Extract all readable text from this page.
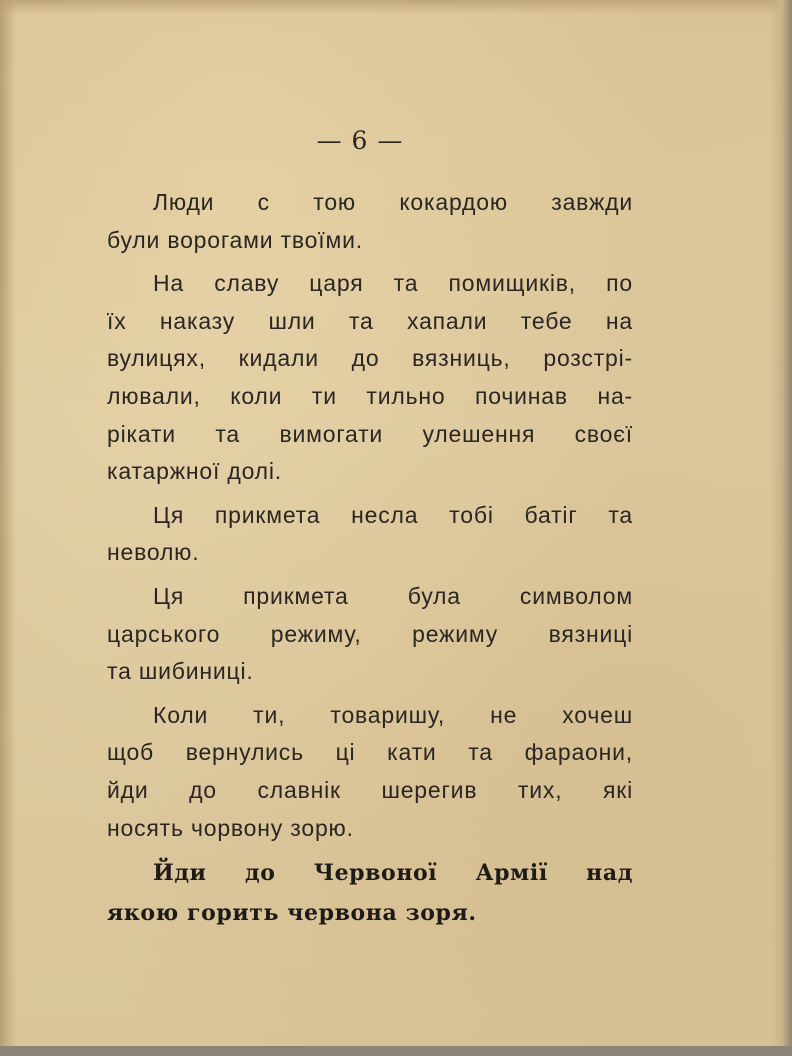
— 6 —
Люди с тою кокардою завжди
були ворогами твоїми.
На славу царя та помищиків, по
їх наказу шли та хапали тебе на
вулицях, кидали до вязниць, розстрі-
лювали, коли ти тильно починав на-
рікати та вимогати улешення своєї
катаржної долі.
Ця прикмета несла тобі батіг та
неволю.
Ця прикмета була символом
царського режиму, режиму вязниці
та шибиниці.
Коли ти, товаришу, не хочеш
щоб вернулись ці кати та фараони,
йди до славнік шерегив тих, які
носять чорвону зорю.
Йди до Червоної Армії над
якою горить червона зоря.
